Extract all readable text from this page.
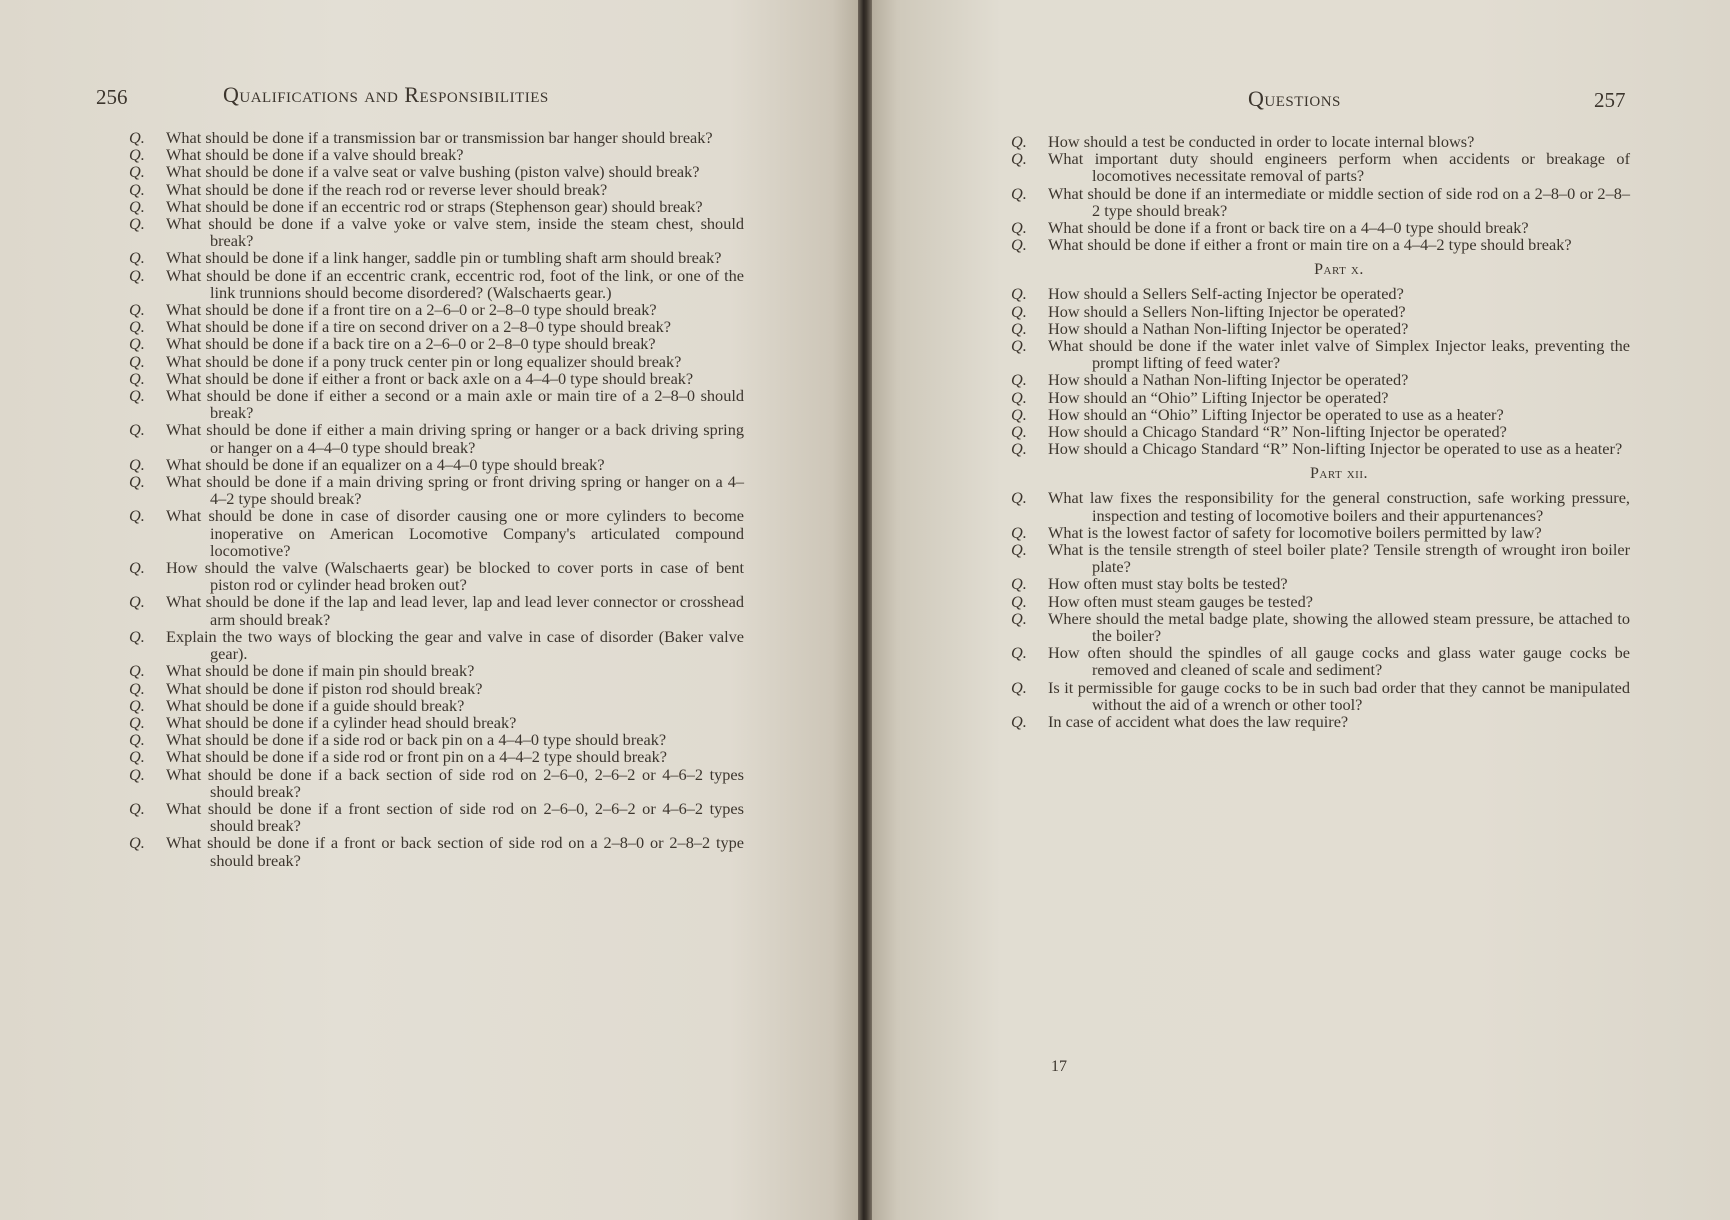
256	Qualifications and Responsibilities
Q. What should be done if a transmission bar or transmission bar hanger should break?
Q. What should be done if a valve should break?
Q. What should be done if a valve seat or valve bushing (piston valve) should break?
Q. What should be done if the reach rod or reverse lever should break?
Q. What should be done if an eccentric rod or straps (Stephenson gear) should break?
Q. What should be done if a valve yoke or valve stem, inside the steam chest, should break?
Q. What should be done if a link hanger, saddle pin or tumbling shaft arm should break?
Q. What should be done if an eccentric crank, eccentric rod, foot of the link, or one of the link trunnions should become disordered? (Walschaerts gear.)
Q. What should be done if a front tire on a 2–6–0 or 2–8–0 type should break?
Q. What should be done if a tire on second driver on a 2–8–0 type should break?
Q. What should be done if a back tire on a 2–6–0 or 2–8–0 type should break?
Q. What should be done if a pony truck center pin or long equalizer should break?
Q. What should be done if either a front or back axle on a 4–4–0 type should break?
Q. What should be done if either a second or a main axle or main tire of a 2–8–0 should break?
Q. What should be done if either a main driving spring or hanger or a back driving spring or hanger on a 4–4–0 type should break?
Q. What should be done if an equalizer on a 4–4–0 type should break?
Q. What should be done if a main driving spring or front driving spring or hanger on a 4–4–2 type should break?
Q. What should be done in case of disorder causing one or more cylinders to become inoperative on American Locomotive Company's articulated compound locomotive?
Q. How should the valve (Walschaerts gear) be blocked to cover ports in case of bent piston rod or cylinder head broken out?
Q. What should be done if the lap and lead lever, lap and lead lever connector or crosshead arm should break?
Q. Explain the two ways of blocking the gear and valve in case of disorder (Baker valve gear).
Q. What should be done if main pin should break?
Q. What should be done if piston rod should break?
Q. What should be done if a guide should break?
Q. What should be done if a cylinder head should break?
Q. What should be done if a side rod or back pin on a 4–4–0 type should break?
Q. What should be done if a side rod or front pin on a 4–4–2 type should break?
Q. What should be done if a back section of side rod on 2–6–0, 2–6–2 or 4–6–2 types should break?
Q. What should be done if a front section of side rod on 2–6–0, 2–6–2 or 4–6–2 types should break?
Q. What should be done if a front or back section of side rod on a 2–8–0 or 2–8–2 type should break?
Questions	257
Q. How should a test be conducted in order to locate internal blows?
Q. What important duty should engineers perform when accidents or breakage of locomotives necessitate removal of parts?
Q. What should be done if an intermediate or middle section of side rod on a 2–8–0 or 2–8–2 type should break?
Q. What should be done if a front or back tire on a 4–4–0 type should break?
Q. What should be done if either a front or main tire on a 4–4–2 type should break?
Part x.
Q. How should a Sellers Self-acting Injector be operated?
Q. How should a Sellers Non-lifting Injector be operated?
Q. How should a Nathan Non-lifting Injector be operated?
Q. What should be done if the water inlet valve of Simplex Injector leaks, preventing the prompt lifting of feed water?
Q. How should a Nathan Non-lifting Injector be operated?
Q. How should an “Ohio” Lifting Injector be operated?
Q. How should an “Ohio” Lifting Injector be operated to use as a heater?
Q. How should a Chicago Standard “R” Non-lifting Injector be operated?
Q. How should a Chicago Standard “R” Non-lifting Injector be operated to use as a heater?
Part xii.
Q. What law fixes the responsibility for the general construction, safe working pressure, inspection and testing of locomotive boilers and their appurtenances?
Q. What is the lowest factor of safety for locomotive boilers permitted by law?
Q. What is the tensile strength of steel boiler plate? Tensile strength of wrought iron boiler plate?
Q. How often must stay bolts be tested?
Q. How often must steam gauges be tested?
Q. Where should the metal badge plate, showing the allowed steam pressure, be attached to the boiler?
Q. How often should the spindles of all gauge cocks and glass water gauge cocks be removed and cleaned of scale and sediment?
Q. Is it permissible for gauge cocks to be in such bad order that they cannot be manipulated without the aid of a wrench or other tool?
Q. In case of accident what does the law require?
17
